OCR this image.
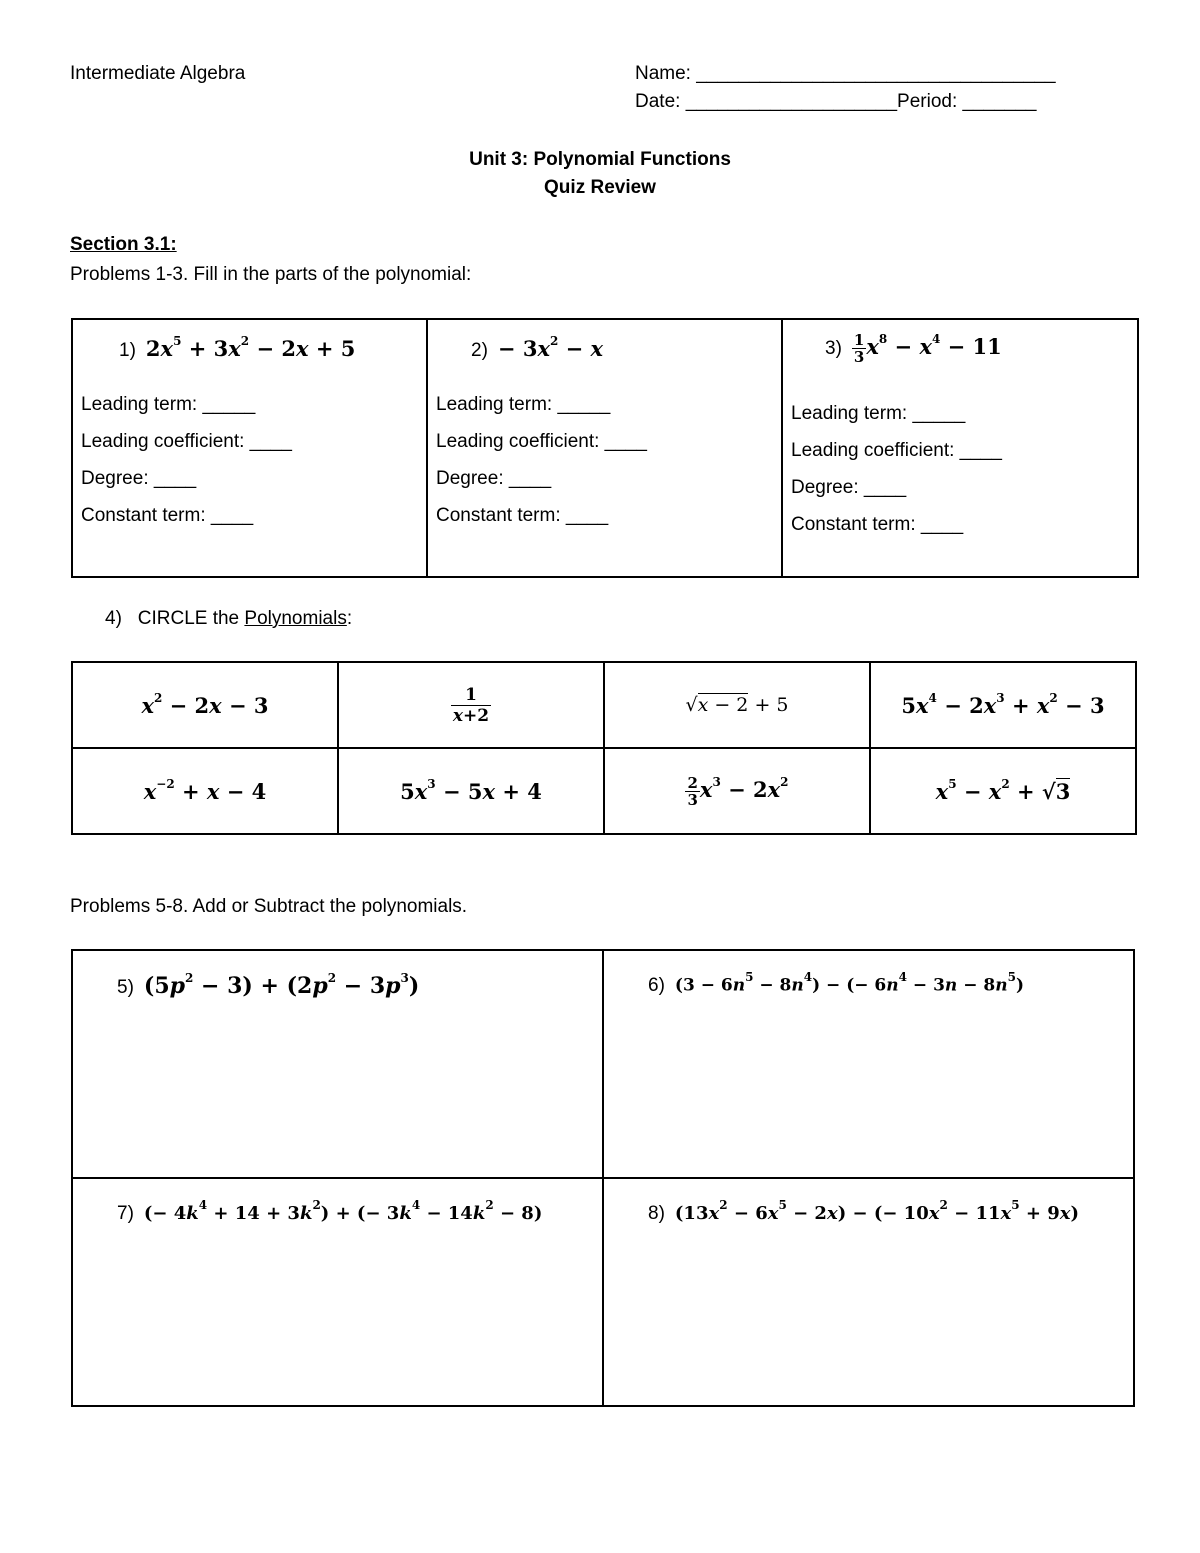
Intermediate Algebra	Name: __________________________________
Date: ____________________Period: _______
Unit 3: Polynomial Functions
Quiz Review
Section 3.1:
Problems 1-3. Fill in the parts of the polynomial:
1) $2x^5 + 3x^2 - 2x + 5$
Leading term: _____
Leading coefficient: ____
Degree: ____
Constant term: ____

$2) - 3x^2 - x$
Leading term: _____
Leading coefficient: ____
Degree: ____
Constant term: ____

$3) \frac{1}{3} x^8 - x^4 - 11$
Leading term: _____
Leading coefficient: ____
Degree: ____
Constant term: ____
4) CIRCLE the Polynomials:
$x^2 - 2x - 3$	$\frac{1}{x+2}$	√x − 2 + 5	$5x^4 - 2x^3 + x^2 - 3$
$x^{-2} + x - 4$	$5x^3 - 5x + 4$	$\frac{2}{3} x^3 - 2x^2$	$x^5 - x^2 + √3$
Problems 5-8. Add or Subtract the polynomials.
5) $(5p^2 - 3) + (2p^2 - 3p^3)$	6) $(3 - 6n^5 - 8n^4)$ − (− $6n^4 - 3n - 8n^5$)

7) (− $4k^4 + 14 + 3k^2$) + (− $3k^4 - 14k^2 - 8$)	8) $(13x^2 - 6x^5 - 2x)$ − (− $10x^2 - 11x^5 + 9x$)
